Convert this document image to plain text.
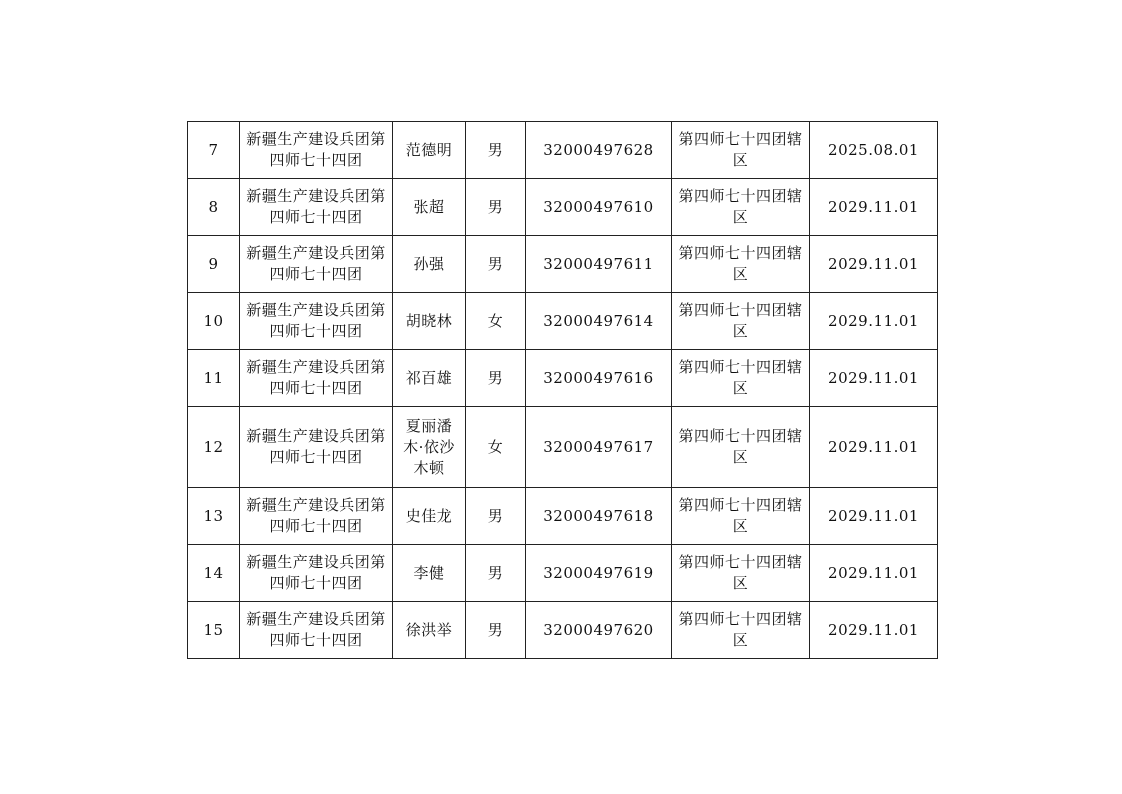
7	新疆生产建设兵团第四师七十四团	范德明	男	32000497628	第四师七十四团辖区	2025.08.01
8	新疆生产建设兵团第四师七十四团	张超	男	32000497610	第四师七十四团辖区	2029.11.01
9	新疆生产建设兵团第四师七十四团	孙强	男	32000497611	第四师七十四团辖区	2029.11.01
10	新疆生产建设兵团第四师七十四团	胡晓林	女	32000497614	第四师七十四团辖区	2029.11.01
11	新疆生产建设兵团第四师七十四团	祁百雄	男	32000497616	第四师七十四团辖区	2029.11.01
12	新疆生产建设兵团第四师七十四团	夏丽潘木·依沙木顿	女	32000497617	第四师七十四团辖区	2029.11.01
13	新疆生产建设兵团第四师七十四团	史佳龙	男	32000497618	第四师七十四团辖区	2029.11.01
14	新疆生产建设兵团第四师七十四团	李健	男	32000497619	第四师七十四团辖区	2029.11.01
15	新疆生产建设兵团第四师七十四团	徐洪举	男	32000497620	第四师七十四团辖区	2029.11.01
